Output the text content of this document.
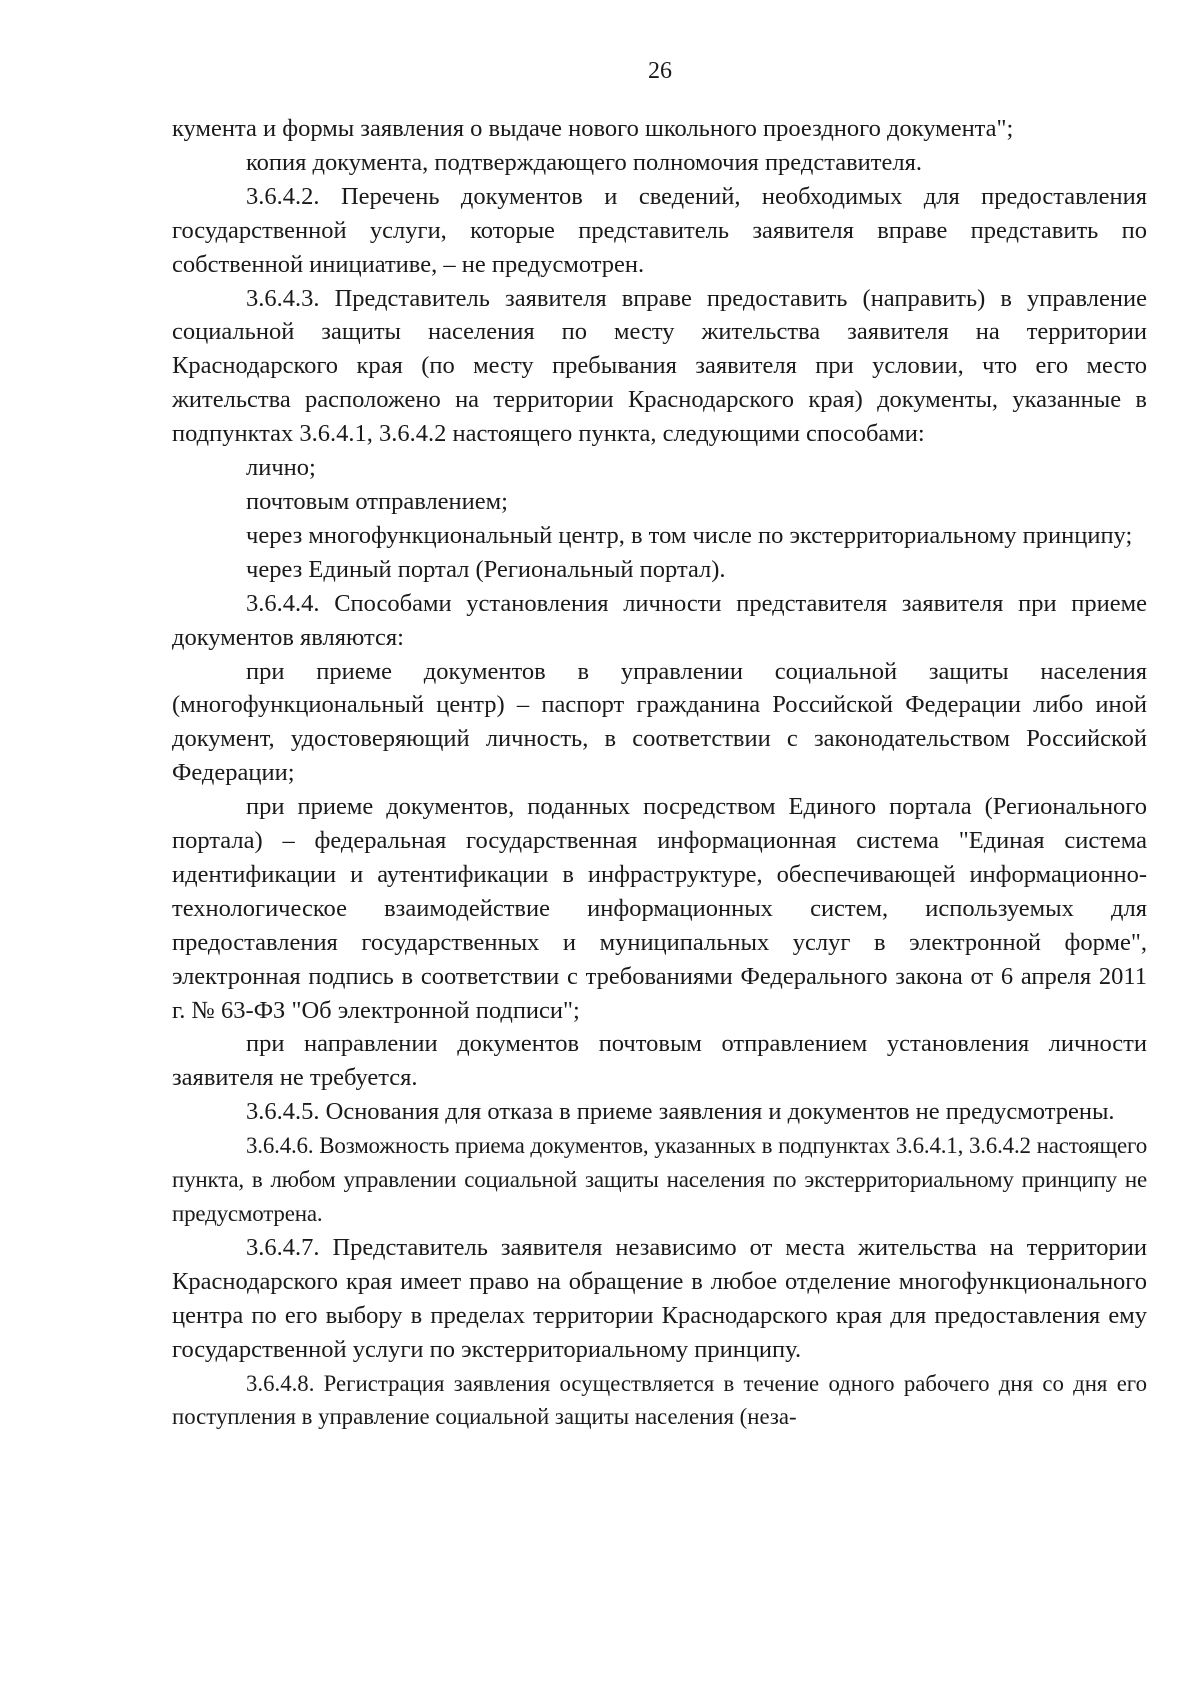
26

кумента и формы заявления о выдаче нового школьного проездного документа";

копия документа, подтверждающего полномочия представителя.

3.6.4.2. Перечень документов и сведений, необходимых для предоставления государственной услуги, которые представитель заявителя вправе представить по собственной инициативе, – не предусмотрен.

3.6.4.3. Представитель заявителя вправе предоставить (направить) в управление социальной защиты населения по месту жительства заявителя на территории Краснодарского края (по месту пребывания заявителя при условии, что его место жительства расположено на территории Краснодарского края) документы, указанные в подпунктах 3.6.4.1, 3.6.4.2 настоящего пункта, следующими способами:

лично;

почтовым отправлением;

через многофункциональный центр, в том числе по экстерриториальному принципу;

через Единый портал (Региональный портал).

3.6.4.4. Способами установления личности представителя заявителя при приеме документов являются:

при приеме документов в управлении социальной защиты населения (многофункциональный центр) – паспорт гражданина Российской Федерации либо иной документ, удостоверяющий личность, в соответствии с законодательством Российской Федерации;

при приеме документов, поданных посредством Единого портала (Регионального портала) – федеральная государственная информационная система "Единая система идентификации и аутентификации в инфраструктуре, обеспечивающей информационно-технологическое взаимодействие информационных систем, используемых для предоставления государственных и муниципальных услуг в электронной форме", электронная подпись в соответствии с требованиями Федерального закона от 6 апреля 2011 г. № 63-ФЗ "Об электронной подписи";

при направлении документов почтовым отправлением установления личности заявителя не требуется.

3.6.4.5. Основания для отказа в приеме заявления и документов не предусмотрены.

3.6.4.6. Возможность приема документов, указанных в подпунктах 3.6.4.1, 3.6.4.2 настоящего пункта, в любом управлении социальной защиты населения по экстерриториальному принципу не предусмотрена.

3.6.4.7. Представитель заявителя независимо от места жительства на территории Краснодарского края имеет право на обращение в любое отделение многофункционального центра по его выбору в пределах территории Краснодарского края для предоставления ему государственной услуги по экстерриториальному принципу.

3.6.4.8. Регистрация заявления осуществляется в течение одного рабочего дня со дня его поступления в управление социальной защиты населения (неза-
